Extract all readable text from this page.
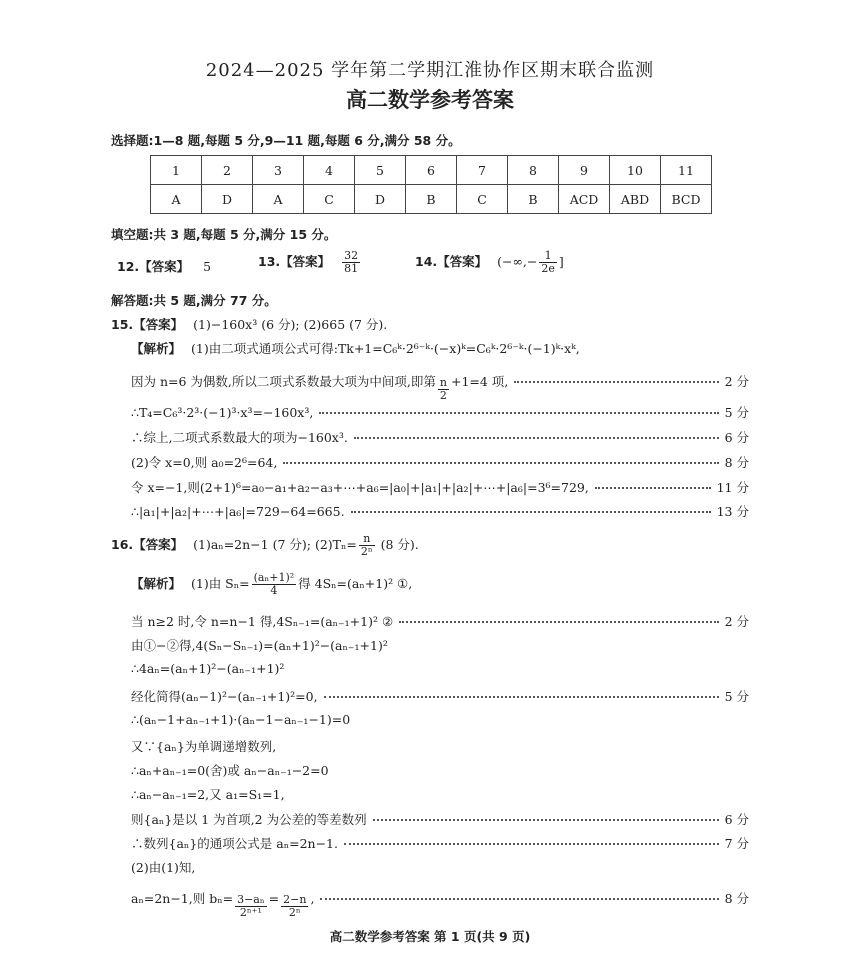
2024—2025 学年第二学期江淮协作区期末联合监测
高二数学参考答案
选择题:1—8 题,每题 5 分,9—11 题,每题 6 分,满分 58 分。
1	2	3	4	5	6	7	8	9	10	11
A	D	A	C	D	B	C	B	ACD	ABD	BCD
填空题:共 3 题,每题 5 分,满分 15 分。
12.【答案】 5	13.【答案】 $\frac{32}{81}$	14.【答案】 (−∞,− $\frac{1}{2e}$ ]
解答题:共 5 题,满分 77 分。
15.【答案】 (1)−160x³ (6 分); (2)665 (7 分).
【解析】 (1)由二项式通项公式可得:Tk+1=C₆ᵏ·2⁶⁻ᵏ·(−x)ᵏ=C₆ᵏ·2⁶⁻ᵏ·(−1)ᵏ·xᵏ,
因为 n=6 为偶数,所以二项式系数最大项为中间项,即第 $\frac{n}{2} +1=4$ 项,	2 分
∴T₄=C₆³·2³·(−1)³·x³=−160x³,	5 分
∴综上,二项式系数最大的项为−160x³.	6 分
(2)令 x=0,则 a₀=2⁶=64,	8 分
令 x=−1,则(2+1)⁶=a₀−a₁+a₂−a₃+⋯+a₆=|a₀|+|a₁|+|a₂|+⋯+|a₆|=3⁶=729,	11 分
∴|a₁|+|a₂|+⋯+|a₆|=729−64=665.	13 分
16.【答案】 (1)aₙ=2n−1 (7 分); $(2)T_n= \frac{n}{\text{2ⁿ}} (8$ 分).
【解析】 (1)由 $S_n= \frac{\text{(aₙ+1)²}}{4}$ 得 4Sₙ=(aₙ+1)² ①,
当 n≥2 时,令 n=n−1 得,4Sₙ₋₁=(aₙ₋₁+1)² ②	2 分
由①−②得,4(Sₙ−Sₙ₋₁)=(aₙ+1)²−(aₙ₋₁+1)²
∴4aₙ=(aₙ+1)²−(aₙ₋₁+1)²
经化简得(aₙ−1)²−(aₙ₋₁+1)²=0,	5 分
∴(aₙ−1+aₙ₋₁+1)·(aₙ−1−aₙ₋₁−1)=0
又∵{aₙ}为单调递增数列,
∴aₙ+aₙ₋₁=0(舍)或 aₙ−aₙ₋₁−2=0
∴aₙ−aₙ₋₁=2,又 a₁=S₁=1,
则{aₙ}是以 1 为首项,2 为公差的等差数列	6 分
∴数列{aₙ}的通项公式是 aₙ=2n−1.	7 分
(2)由(1)知,
aₙ=2n−1,则 $b_n= \frac{\text{3−aₙ}}{\text{2ⁿ⁺¹}} = \frac{2-n}{\text{2ⁿ}}$ ,	8 分
高二数学参考答案 第 1 页(共 9 页)
